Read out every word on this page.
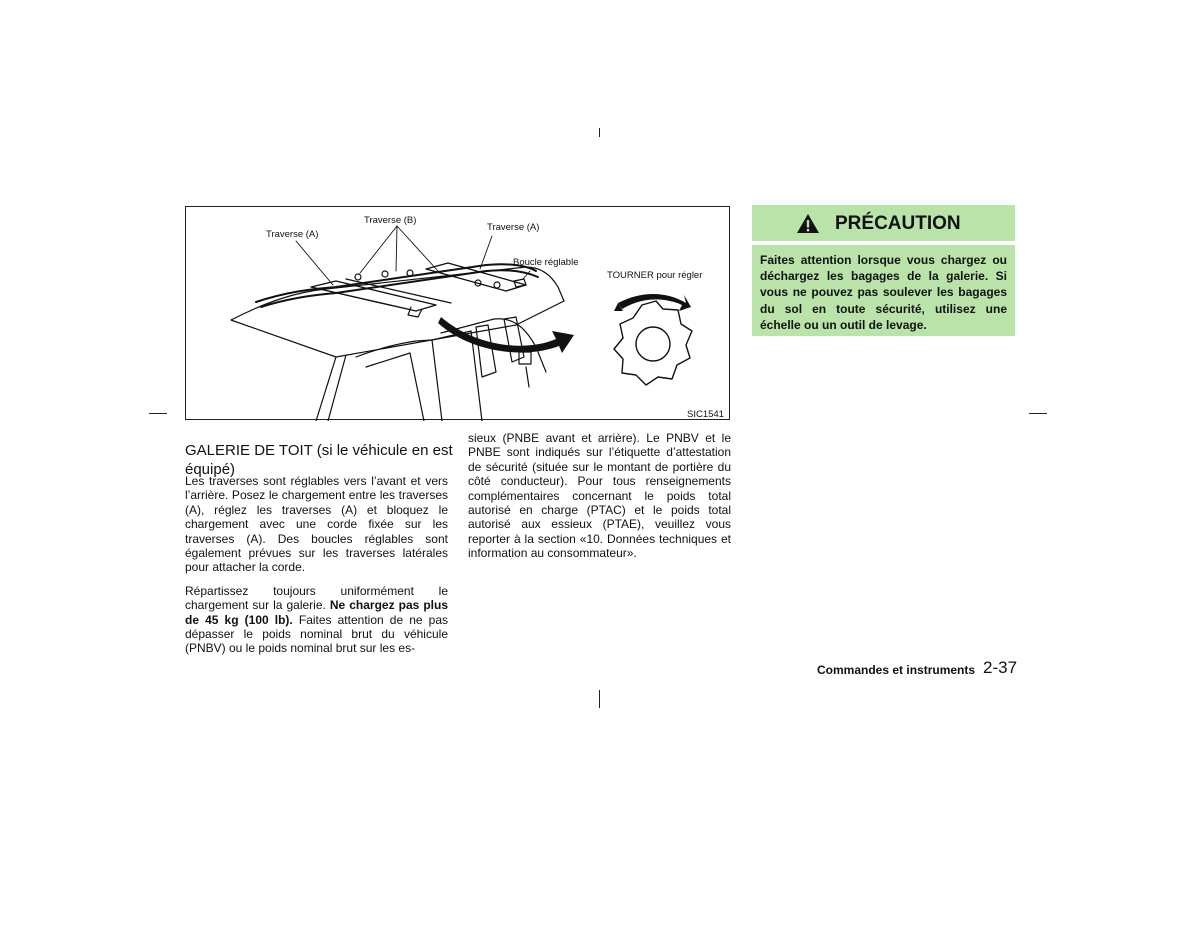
Traverse (B)
Traverse (A)
Traverse (A)
Boucle réglable
TOURNER pour régler
SIC1541
GALERIE DE TOIT (si le véhicule en est équipé)

Les traverses sont réglables vers l’avant et vers l’arrière. Posez le chargement entre les traverses (A), réglez les traverses (A) et bloquez le chargement avec une corde fixée sur les traverses (A). Des boucles réglables sont également prévues sur les traverses latérales pour attacher la corde.

Répartissez toujours uniformément le chargement sur la galerie. Ne chargez pas plus de 45 kg (100 lb). Faites attention de ne pas dépasser le poids nominal brut du véhicule (PNBV) ou le poids nominal brut sur les es-

sieux (PNBE avant et arrière). Le PNBV et le PNBE sont indiqués sur l’étiquette d’attestation de sécurité (située sur le montant de portière du côté conducteur). Pour tous renseignements complémentaires concernant le poids total autorisé en charge (PTAC) et le poids total autorisé aux essieux (PTAE), veuillez vous reporter à la section «10. Données techniques et information au consommateur».

PRÉCAUTION
Faites attention lorsque vous chargez ou déchargez les bagages de la galerie. Si vous ne pouvez pas soulever les bagages du sol en toute sécurité, utilisez une échelle ou un outil de levage.
Commandes et instruments 2-37
